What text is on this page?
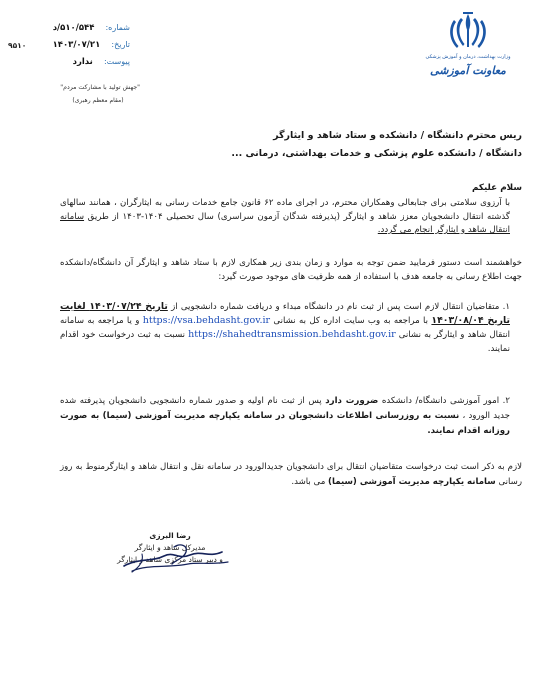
وزارت بهداشت، درمان و آموزش پزشکی
معاونت آموزشی
۹۵۱۰
شماره: ۵۱۰/۵۴۴/د
تاریخ: ۱۴۰۳/۰۷/۲۱
پیوست: ندارد
"جهش تولید با مشارکت مردم"
(مقام معظم رهبری)
ریس محترم دانشگاه / دانشکده و ستاد شاهد و ایثارگر
دانشگاه / دانشکده علوم پزشکی و خدمات بهداشتی، درمانی ...
سلام علیکم
با آرزوی سلامتی برای جنابعالی وهمکاران محترم، در اجرای ماده ۶۲ قانون جامع خدمات رسانی به ایثارگران ، همانند سالهای گذشته انتقال دانشجویان معزز شاهد و ایثارگر (پذیرفته شدگان آزمون سراسری) سال تحصیلی ۱۴۰۴-۱۴۰۳ از طریق سامانه انتقال شاهد و ایثارگر انجام می گردد.
خواهشمند است دستور فرمایید ضمن توجه به موارد و زمان بندی زیر همکاری لازم با ستاد شاهد و ایثارگر آن دانشگاه/دانشکده جهت اطلاع رسانی به جامعه هدف با استفاده از همه ظرفیت های موجود صورت گیرد:
۱. متقاضیان انتقال لازم است پس از ثبت نام در دانشگاه مبداء و دریافت شماره دانشجویی از تاریخ ۱۴۰۳/۰۷/۲۴ لغایت تاریخ ۱۴۰۳/۰۸/۰۴ با مراجعه به وب سایت اداره کل به نشانی https://vsa.behdasht.gov.ir و یا مراجعه به سامانه انتقال شاهد و ایثارگر به نشانی https://shahedtransmission.behdasht.gov.ir نسبت به ثبت درخواست خود اقدام نمایند.
۲. امور آموزشی دانشگاه/ دانشکده ضرورت دارد پس از ثبت نام اولیه و صدور شماره دانشجویی دانشجویان پذیرفته شده جدید الورود ، نسبت به روزرسانی اطلاعات دانشجویان در سامانه یکپارچه مدیریت آموزشی (سیما) به صورت روزانه اقدام نمایند.
لازم به ذکر است ثبت درخواست متقاضیان انتقال برای دانشجویان جدیدالورود در سامانه نقل و انتقال شاهد و ایثارگرمنوط به روز رسانی سامانه یکپارچه مدیریت آموزشی (سیما) می باشد.
رضا البرزی
مدیرکل شاهد و ایثارگر
و دبیر ستاد مرکزی شاهد و ایثارگر
